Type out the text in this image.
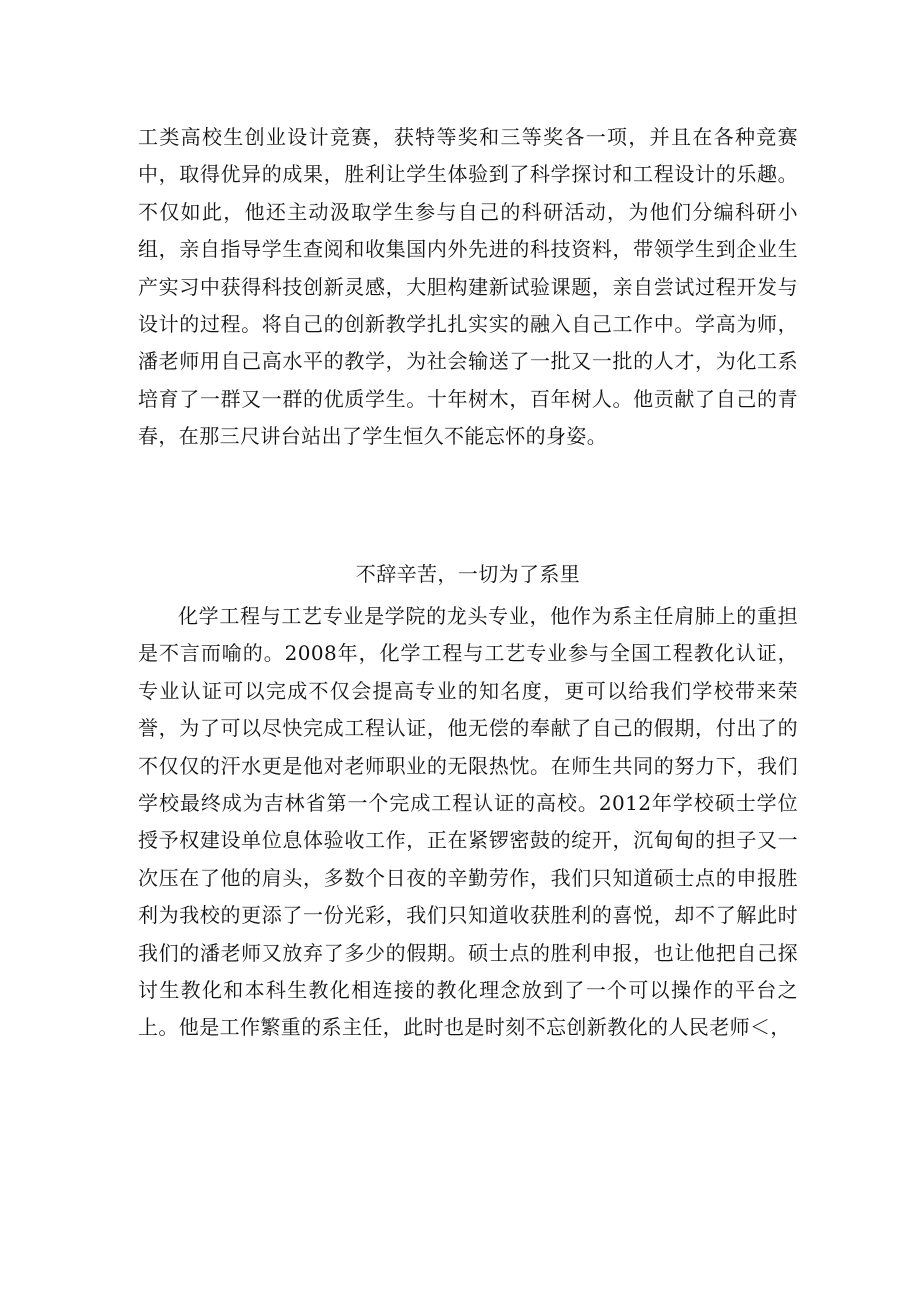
工类高校生创业设计竞赛，获特等奖和三等奖各一项，并且在各种竞赛中，取得优异的成果，胜利让学生体验到了科学探讨和工程设计的乐趣。不仅如此，他还主动汲取学生参与自己的科研活动，为他们分编科研小组，亲自指导学生查阅和收集国内外先进的科技资料，带领学生到企业生产实习中获得科技创新灵感，大胆构建新试验课题，亲自尝试过程开发与设计的过程。将自己的创新教学扎扎实实的融入自己工作中。学高为师，潘老师用自己高水平的教学，为社会输送了一批又一批的人才，为化工系培育了一群又一群的优质学生。十年树木，百年树人。他贡献了自己的青春，在那三尺讲台站出了学生恒久不能忘怀的身姿。

不辞辛苦，一切为了系里

化学工程与工艺专业是学院的龙头专业，他作为系主任肩肺上的重担是不言而喻的。2008年，化学工程与工艺专业参与全国工程教化认证，专业认证可以完成不仅会提高专业的知名度，更可以给我们学校带来荣誉，为了可以尽快完成工程认证，他无偿的奉献了自己的假期，付出了的不仅仅的汗水更是他对老师职业的无限热忱。在师生共同的努力下，我们学校最终成为吉林省第一个完成工程认证的高校。2012年学校硕士学位授予权建设单位息体验收工作，正在紧锣密鼓的绽开，沉甸甸的担子又一次压在了他的肩头，多数个日夜的辛勤劳作，我们只知道硕士点的申报胜利为我校的更添了一份光彩，我们只知道收获胜利的喜悦，却不了解此时我们的潘老师又放弃了多少的假期。硕士点的胜利申报，也让他把自己探讨生教化和本科生教化相连接的教化理念放到了一个可以操作的平台之上。他是工作繁重的系主任，此时也是时刻不忘创新教化的人民老师＜，
